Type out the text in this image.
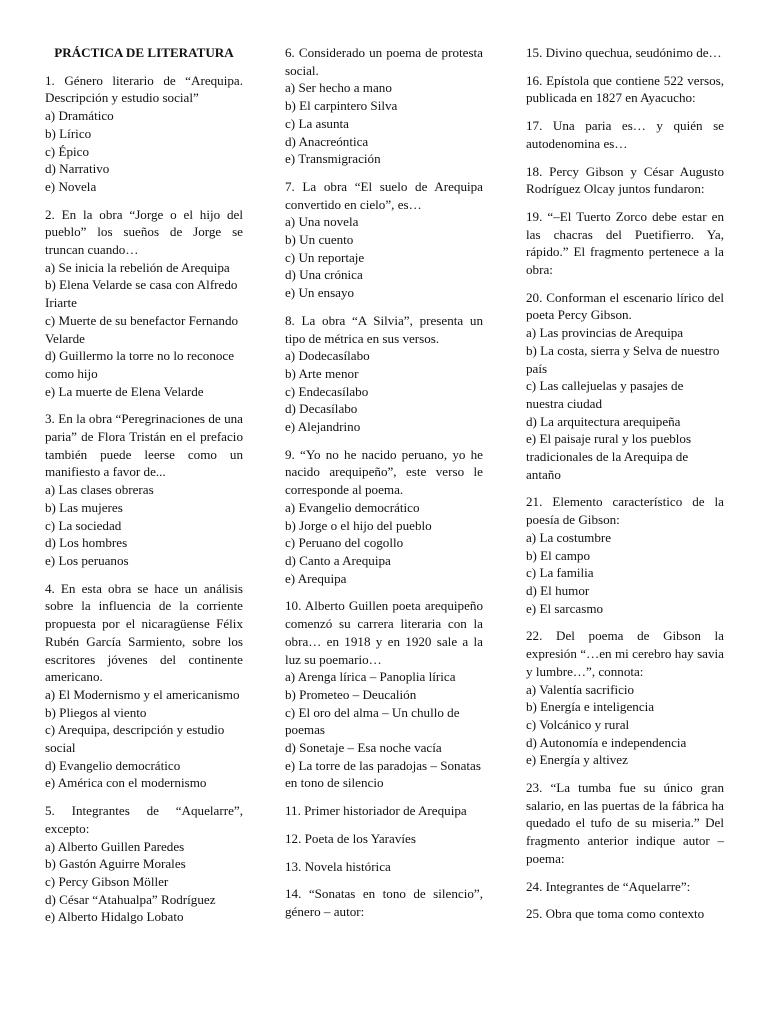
PRÁCTICA DE LITERATURA
1. Género literario de “Arequipa. Descripción y estudio social”
a) Dramático
b) Lírico
c) Épico
d) Narrativo
e) Novela
2. En la obra “Jorge o el hijo del pueblo” los sueños de Jorge se truncan cuando…
a) Se inicia la rebelión de Arequipa
b) Elena Velarde se casa con Alfredo Iriarte
c) Muerte de su benefactor Fernando Velarde
d) Guillermo la torre no lo reconoce como hijo
e) La muerte de Elena Velarde
3. En la obra “Peregrinaciones de una paria” de Flora Tristán en el prefacio también puede leerse como un manifiesto a favor de...
a) Las clases obreras
b) Las mujeres
c) La sociedad
d) Los hombres
e) Los peruanos
4. En esta obra se hace un análisis sobre la influencia de la corriente propuesta por el nicaragüense Félix Rubén García Sarmiento, sobre los escritores jóvenes del continente americano.
a) El Modernismo y el americanismo
b) Pliegos al viento
c) Arequipa, descripción y estudio social
d) Evangelio democrático
e) América con el modernismo
5. Integrantes de “Aquelarre”, excepto:
a) Alberto Guillen Paredes
b) Gastón Aguirre Morales
c) Percy Gibson Möller
d) César “Atahualpa” Rodríguez
e) Alberto Hidalgo Lobato
6. Considerado un poema de protesta social.
a) Ser hecho a mano
b) El carpintero Silva
c) La asunta
d) Anacreóntica
e) Transmigración
7. La obra “El suelo de Arequipa convertido en cielo”, es…
a) Una novela
b) Un cuento
c) Un reportaje
d) Una crónica
e) Un ensayo
8. La obra “A Silvia”, presenta un tipo de métrica en sus versos.
a) Dodecasílabo
b) Arte menor
c) Endecasílabo
d) Decasílabo
e) Alejandrino
9. “Yo no he nacido peruano, yo he nacido arequipeño”, este verso le corresponde al poema.
a) Evangelio democrático
b) Jorge o el hijo del pueblo
c) Peruano del cogollo
d) Canto a Arequipa
e) Arequipa
10. Alberto Guillen poeta arequipeño comenzó su carrera literaria con la obra… en 1918 y en 1920 sale a la luz su poemario…
a) Arenga lírica – Panoplia lírica
b) Prometeo – Deucalión
c) El oro del alma – Un chullo de poemas
d) Sonetaje – Esa noche vacía
e) La torre de las paradojas – Sonatas en tono de silencio
11. Primer historiador de Arequipa
12. Poeta de los Yaravíes
13. Novela histórica
14. “Sonatas en tono de silencio”, género – autor:
15. Divino quechua, seudónimo de…
16. Epístola que contiene 522 versos, publicada en 1827 en Ayacucho:
17. Una paria es… y quién se autodenomina es…
18. Percy Gibson y César Augusto Rodríguez Olcay juntos fundaron:
19. “–El Tuerto Zorco debe estar en las chacras del Puetifierro. Ya, rápido.” El fragmento pertenece a la obra:
20. Conforman el escenario lírico del poeta Percy Gibson.
a) Las provincias de Arequipa
b) La costa, sierra y Selva de nuestro país
c) Las callejuelas y pasajes de nuestra ciudad
d) La arquitectura arequipeña
e) El paisaje rural y los pueblos tradicionales de la Arequipa de antaño
21. Elemento característico de la poesía de Gibson:
a) La costumbre
b) El campo
c) La familia
d) El humor
e) El sarcasmo
22. Del poema de Gibson la expresión “…en mi cerebro hay savia y lumbre…”, connota:
a) Valentía sacrificio
b) Energía e inteligencia
c) Volcánico y rural
d) Autonomía e independencia
e) Energía y altivez
23. “La tumba fue su único gran salario, en las puertas de la fábrica ha quedado el tufo de su miseria.” Del fragmento anterior indique autor – poema:
24. Integrantes de “Aquelarre”:
25. Obra que toma como contexto
